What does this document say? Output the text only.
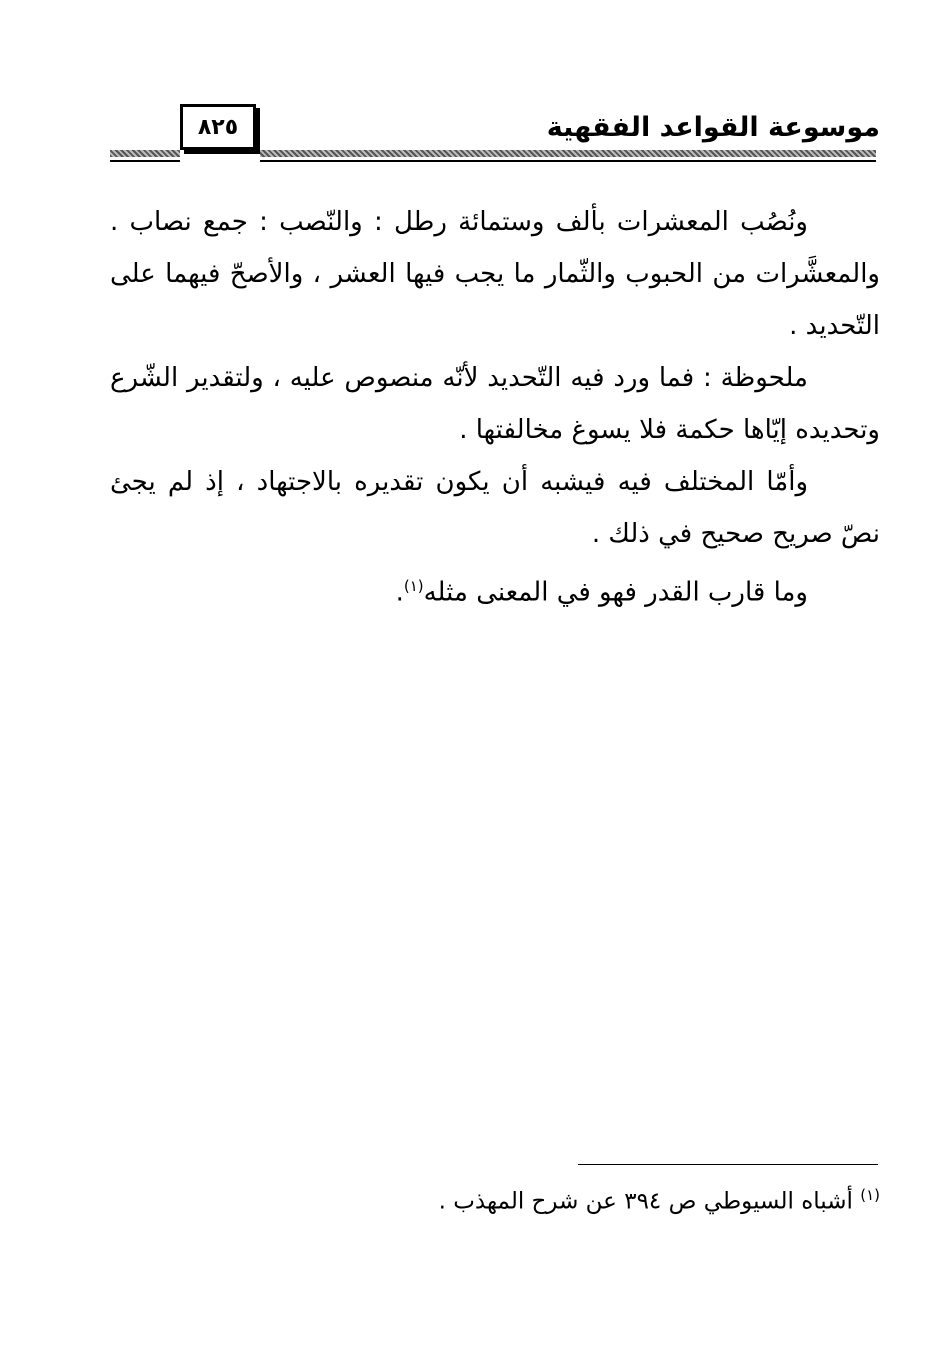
موسوعة القواعد الفقهية
٨٢٥

ونُصُب المعشرات بألف وستمائة رطل : والنّصب : جمع نصاب . والمعشَّرات من الحبوب والثّمار ما يجب فيها العشر ، والأصحّ فيهما على التّحديد .

ملحوظة : فما ورد فيه التّحديد لأنّه منصوص عليه ، ولتقدير الشّرع وتحديده إيّاها حكمة فلا يسوغ مخالفتها .

وأمّا المختلف فيه فيشبه أن يكون تقديره بالاجتهاد ، إذ لم يجئ نصّ صريح صحيح في ذلك .

وما قارب القدر فهو في المعنى مثله$^{(١)}$.

$^{(١)}$ أشباه السيوطي ص ٣٩٤ عن شرح المهذب .
